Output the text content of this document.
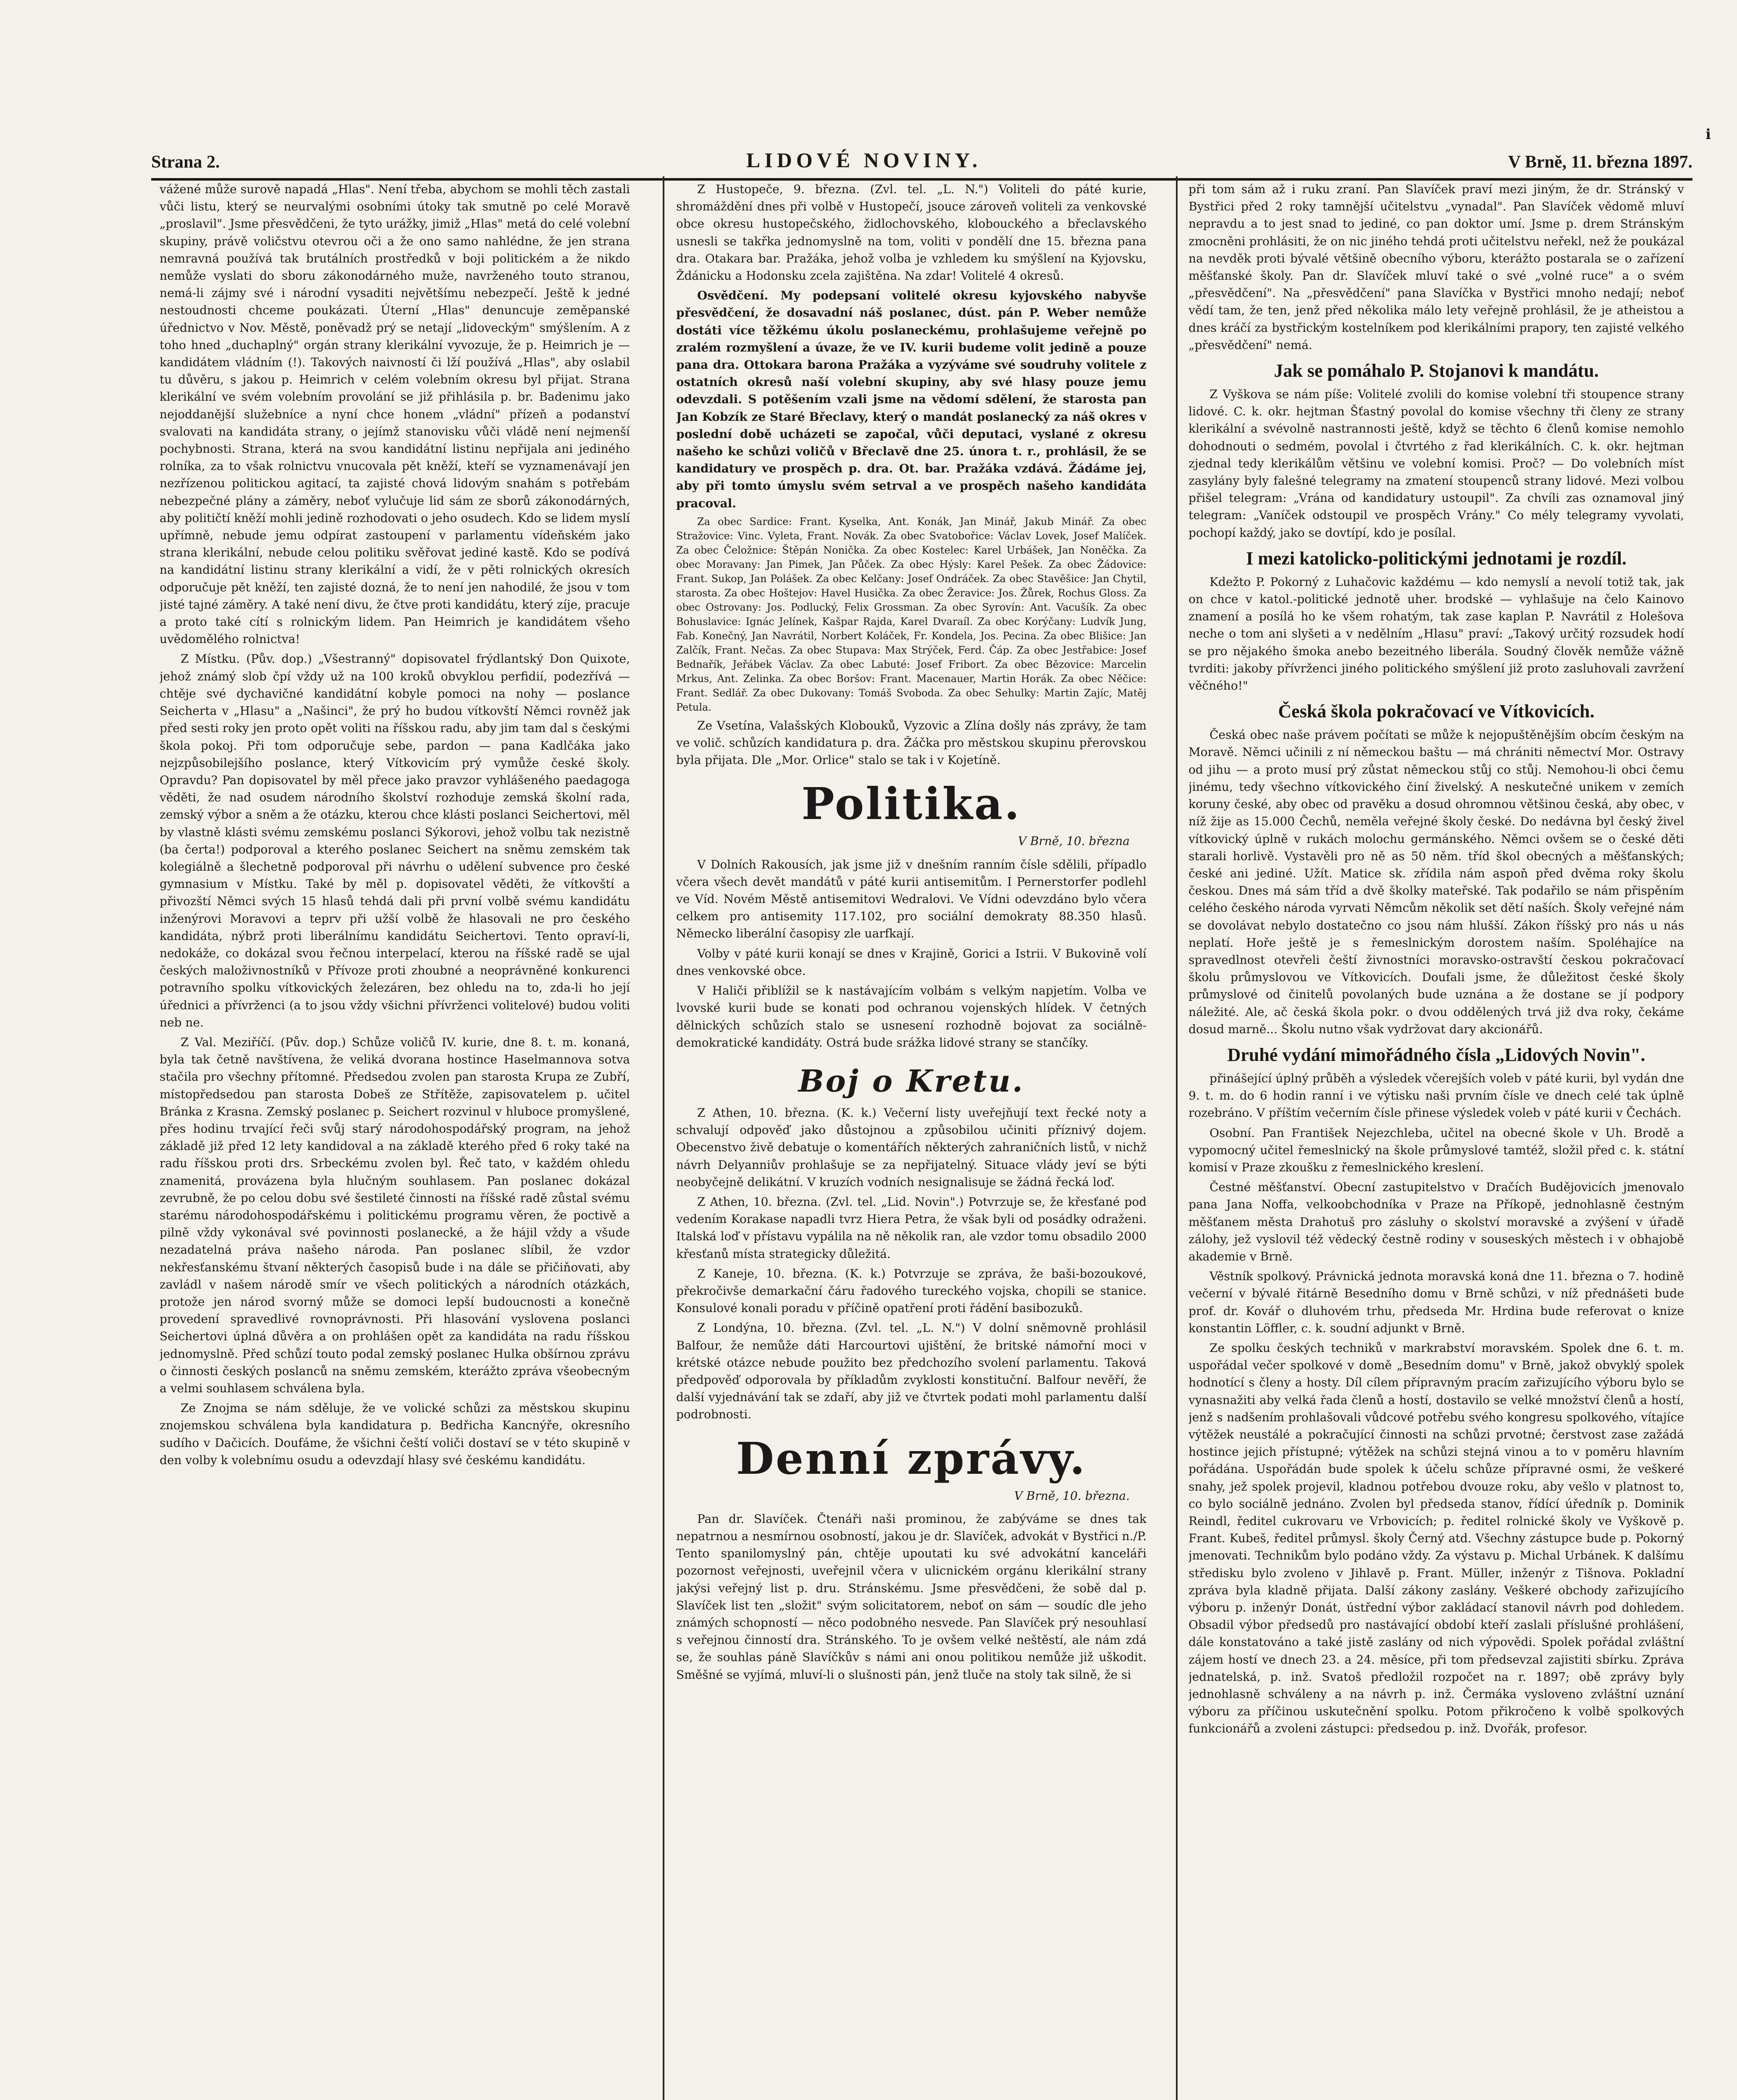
i
Strana 2.	LIDOVÉ NOVINY.	V Brně, 11. března 1897.

vážené může surově napadá „Hlas". Není třeba, abychom se mohli těch zastali vůči listu, který se neurvalými osobními útoky tak smutně po celé Moravě „proslavil". Jsme přesvědčeni, že tyto urážky, jimiž „Hlas" metá do celé volební skupiny, právě voličstvu otevrou oči a že ono samo nahlédne, že jen strana nemravná používá tak brutálních prostředků v boji politickém a že nikdo nemůže vyslati do sboru zákonodárného muže, navrženého touto stranou, nemá-li zájmy své i národní vysaditi největšímu nebezpečí. Ještě k jedné nestoudnosti chceme poukázati. Úterní „Hlas" denuncuje zeměpanské úřednictvo v Nov. Městě, poněvadž prý se netají „lidoveckým" smýšlením. A z toho hned „duchaplný" orgán strany klerikální vyvozuje, že p. Heimrich je — kandidátem vládním (!). Takových naivností či lží používá „Hlas", aby oslabil tu důvěru, s jakou p. Heimrich v celém volebním okresu byl přijat. Strana klerikální ve svém volebním provolání se již přihlásila p. br. Badenimu jako nejoddanější služebníce a nyní chce honem „vládní" přízeň a podanství svalovati na kandidáta strany, o jejímž stanovisku vůči vládě není nejmenší pochybnosti. Strana, která na svou kandidátní listinu nepřijala ani jediného rolníka, za to však rolnictvu vnucovala pět kněží, kteří se vyznamenávají jen nezřízenou politickou agitací, ta zajisté chová lidovým snahám s potřebám nebezpečné plány a záměry, neboť vylučuje lid sám ze sborů zákonodárných, aby političtí kněží mohli jedině rozhodovati o jeho osudech. Kdo se lidem myslí upřímně, nebude jemu odpírat zastoupení v parlamentu vídeňském jako strana klerikální, nebude celou politiku svěřovat jediné kastě. Kdo se podívá na kandidátní listinu strany klerikální a vidí, že v pěti rolnických okresích odporučuje pět kněží, ten zajisté dozná, že to není jen nahodilé, že jsou v tom jisté tajné záměry. A také není divu, že čtve proti kandidátu, který zíje, pracuje a proto také cítí s rolnickým lidem. Pan Heimrich je kandidátem všeho uvědomělého rolnictva!

Z Místku. (Pův. dop.) „Všestranný" dopisovatel frýdlantský Don Quixote, jehož známý slob čpí vždy už na 100 kroků obvyklou perfidií, podezřívá — chtěje své dychavičné kandidátní kobyle pomoci na nohy — poslance Seicherta v „Hlasu" a „Našinci", že prý ho budou vítkovští Němci rovněž jak před sesti roky jen proto opět voliti na říšskou radu, aby jim tam dal s českými škola pokoj. Při tom odporučuje sebe, pardon — pana Kadlčáka jako nejzpůsobilejšího poslance, který Vítkovicím prý vymůže české školy. Opravdu? Pan dopisovatel by měl přece jako pravzor vyhlášeného paedagoga věděti, že nad osudem národního školství rozhoduje zemská školní rada, zemský výbor a sněm a že otázku, kterou chce klásti poslanci Seichertovi, měl by vlastně klásti svému zemskému poslanci Sýkorovi, jehož volbu tak nezistně (ba čerta!) podporoval a kterého poslanec Seichert na sněmu zemském tak kolegiálně a šlechetně podporoval při návrhu o udělení subvence pro české gymnasium v Místku. Také by měl p. dopisovatel věděti, že vítkovští a přivozští Němci svých 15 hlasů tehdá dali při první volbě svému kandidátu inženýrovi Moravovi a teprv při užší volbě že hlasovali ne pro českého kandidáta, nýbrž proti liberálnímu kandidátu Seichertovi. Tento opraví-li, nedokáže, co dokázal svou řečnou interpelací, kterou na říšské radě se ujal českých maloživnostníků v Přívoze proti zhoubné a neoprávněné konkurenci potravního spolku vítkovických železáren, bez ohledu na to, zda-li ho její úřednici a přívrženci (a to jsou vždy všichni přívrženci volitelové) budou voliti neb ne.

Z Val. Meziříčí. (Pův. dop.) Schůze voličů IV. kurie, dne 8. t. m. konaná, byla tak četně navštívena, že veliká dvorana hostince Haselmannova sotva stačila pro všechny přítomné. Předsedou zvolen pan starosta Krupa ze Zubří, místopředsedou pan starosta Dobeš ze Střítěže, zapisovatelem p. učitel Bránka z Krasna. Zemský poslanec p. Seichert rozvinul v hluboce promyšlené, přes hodinu trvající řeči svůj starý národohospodářský program, na jehož základě již před 12 lety kandidoval a na základě kterého před 6 roky také na radu říšskou proti drs. Srbeckému zvolen byl. Řeč tato, v každém ohledu znamenitá, provázena byla hlučným souhlasem. Pan poslanec dokázal zevrubně, že po celou dobu své šestileté činnosti na říšské radě zůstal svému starému národohospodářskému i politickému programu věren, že poctivě a pilně vždy vykonával své povinnosti poslanecké, a že hájil vždy a všude nezadatelná práva našeho národa. Pan poslanec slíbil, že vzdor nekřesťanskému štvaní některých časopisů bude i na dále se přičiňovati, aby zavládl v našem národě smír ve všech politických a národních otázkách, protože jen národ svorný může se domoci lepší budoucnosti a konečně provedení spravedlivé rovnoprávnosti. Při hlasování vyslovena poslanci Seichertovi úplná důvěra a on prohlášen opět za kandidáta na radu říšskou jednomyslně. Před schůzí touto podal zemský poslanec Hulka obšírnou zprávu o činnosti českých poslanců na sněmu zemském, kterážto zpráva všeobecným a velmi souhlasem schválena byla.

Ze Znojma se nám sděluje, že ve volické schůzi za městskou skupinu znojemskou schválena byla kandidatura p. Bedřicha Kancnýře, okresního sudího v Dačicích. Doufáme, že všichni čeští voliči dostaví se v této skupině v den volby k volebnímu osudu a odevzdají hlasy své českému kandidátu.

Z Hustopeče, 9. března. (Zvl. tel. „L. N.") Voliteli do páté kurie, shromáždění dnes při volbě v Hustopečí, jsouce zároveň voliteli za venkovské obce okresu hustopečského, židlochovského, klobouckého a břeclavského usnesli se takřka jednomyslně na tom, voliti v pondělí dne 15. března pana dra. Otakara bar. Pražáka, jehož volba je vzhledem ku smýšlení na Kyjovsku, Ždánicku a Hodonsku zcela zajištěna. Na zdar! Volitelé 4 okresů.

Osvědčení. My podepsaní volitelé okresu kyjovského nabyvše přesvědčení, že dosavadní náš poslanec, dúst. pán P. Weber nemůže dostáti více těžkému úkolu poslaneckému, prohlašujeme veřejně po zralém rozmyšlení a úvaze, že ve IV. kurii budeme volit jedině a pouze pana dra. Ottokara barona Pražáka a vyzýváme své soudruhy volitele z ostatních okresů naší volební skupiny, aby své hlasy pouze jemu odevzdali. S potěšením vzali jsme na vědomí sdělení, že starosta pan Jan Kobzík ze Staré Břeclavy, který o mandát poslanecký za náš okres v poslední době ucházeti se započal, vůči deputaci, vyslané z okresu našeho ke schůzi voličů v Břeclavě dne 25. února t. r., prohlásil, že se kandidatury ve prospěch p. dra. Ot. bar. Pražáka vzdává. Žádáme jej, aby při tomto úmyslu svém setrval a ve prospěch našeho kandidáta pracoval.

Za obec Sardice: Frant. Kyselka, Ant. Konák, Jan Minář, Jakub Minář. Za obec Stražovice: Vinc. Vyleta, Frant. Novák. Za obec Svatobořice: Václav Lovek, Josef Malíček. Za obec Čeložnice: Štěpán Nonička. Za obec Kostelec: Karel Urbášek, Jan Noněčka. Za obec Moravany: Jan Pimek, Jan Půček. Za obec Hýsly: Karel Pešek. Za obec Žádovice: Frant. Sukop, Jan Polášek. Za obec Kelčany: Josef Ondráček. Za obec Stavěšice: Jan Chytil, starosta. Za obec Hoštejov: Havel Husička. Za obec Žeravice: Jos. Žůrek, Rochus Gloss. Za obec Ostrovany: Jos. Podlucký, Felix Grossman. Za obec Syrovín: Ant. Vacušík. Za obec Bohuslavice: Ignác Jelínek, Kašpar Rajda, Karel Dvaraíl. Za obec Korýčany: Ludvík Jung, Fab. Konečný, Jan Navrátil, Norbert Koláček, Fr. Kondela, Jos. Pecina. Za obec Blišice: Jan Zalčík, Frant. Nečas. Za obec Stupava: Max Strýček, Ferd. Čáp. Za obec Jestřabice: Josef Bednařík, Jeřábek Václav. Za obec Labuté: Josef Fribort. Za obec Bězovice: Marcelin Mrkus, Ant. Zelinka. Za obec Boršov: Frant. Macenauer, Martin Horák. Za obec Něčice: Frant. Sedlář. Za obec Dukovany: Tomáš Svoboda. Za obec Sehulky: Martin Zajíc, Matěj Petula.

Ze Vsetína, Valašských Klobouků, Vyzovic a Zlína došly nás zprávy, že tam ve volič. schůzích kandidatura p. dra. Žáčka pro městskou skupinu přerovskou byla přijata. Dle „Mor. Orlice" stalo se tak i v Kojetíně.

Politika.
V Brně, 10. března

V Dolních Rakousích, jak jsme již v dnešním ranním čísle sdělili, případlo včera všech devět mandátů v páté kurii antisemitům. I Pernerstorfer podlehl ve Víd. Novém Městě antisemitovi Wedralovi. Ve Vídni odevzdáno bylo včera celkem pro antisemity 117.102, pro sociální demokraty 88.350 hlasů. Německo liberální časopisy zle uarfkají.

Volby v páté kurii konají se dnes v Krajině, Gorici a Istrii. V Bukovině volí dnes venkovské obce.

V Haliči přiblížil se k nastávajícím volbám s velkým napjetím. Volba ve lvovské kurii bude se konati pod ochranou vojenských hlídek. V četných dělnických schůzích stalo se usnesení rozhodně bojovat za sociálně-demokratické kandidáty. Ostrá bude srážka lidové strany se stančíky.

Boj o Kretu.

Z Athen, 10. března. (K. k.) Večerní listy uveřejňují text řecké noty a schvalují odpověď jako důstojnou a způsobilou učiniti příznivý dojem. Obecenstvo živě debatuje o komentářích některých zahraničních listů, v nichž návrh Delyanniův prohlašuje se za nepřijatelný. Situace vlády jeví se býti neobyčejně delikátní. V kruzích vodních nesignalisuje se žádná řecká loď.

Z Athen, 10. března. (Zvl. tel. „Lid. Novin".) Potvrzuje se, že křesťané pod vedením Korakase napadli tvrz Hiera Petra, že však byli od posádky odraženi. Italská loď v přístavu vypálila na ně několik ran, ale vzdor tomu obsadilo 2000 křesťanů místa strategicky důležitá.

Z Kaneje, 10. března. (K. k.) Potvrzuje se zpráva, že baši-bozoukové, překročivše demarkační čáru řadového tureckého vojska, chopili se stanice. Konsulové konali poradu v příčině opatření proti řádění basibozuků.

Z Londýna, 10. března. (Zvl. tel. „L. N.") V dolní sněmovně prohlásil Balfour, že nemůže dáti Harcourtovi ujištění, že britské námořní moci v krétské otázce nebude použito bez předchozího svolení parlamentu. Taková předpověď odporovala by příkladům zvyklosti konstituční. Balfour nevěří, že další vyjednávání tak se zdaří, aby již ve čtvrtek podati mohl parlamentu další podrobnosti.

Denní zprávy.
V Brně, 10. března.

Pan dr. Slavíček. Čtenáři naši prominou, že zabýváme se dnes tak nepatrnou a nesmírnou osobností, jakou je dr. Slavíček, advokát v Bystřici n./P. Tento spanilomyslný pán, chtěje upoutati ku své advokátní kanceláři pozornost veřejnosti, uveřejnil včera v ulicnickém orgánu klerikální strany jakýsi veřejný list p. dru. Stránskému. Jsme přesvědčeni, že sobě dal p. Slavíček list ten „složit" svým solicitatorem, neboť on sám — soudíc dle jeho známých schopností — něco podobného nesvede. Pan Slavíček prý nesouhlasí s veřejnou činností dra. Stránského. To je ovšem velké neštěstí, ale nám zdá se, že souhlas páně Slavíčkův s námi ani onou politikou nemůže již uškodit. Směšné se vyjímá, mluví-li o slušnosti pán, jenž tluče na stoly tak silně, že si

při tom sám až i ruku zraní. Pan Slavíček praví mezi jiným, že dr. Stránský v Bystřici před 2 roky tamnější učitelstvu „vynadal". Pan Slavíček vědomě mluví nepravdu a to jest snad to jediné, co pan doktor umí. Jsme p. drem Stránským zmocněni prohlásiti, že on nic jiného tehdá proti učitelstvu neřekl, než že poukázal na nevděk proti bývalé většině obecního výboru, kterážto postarala se o zařízení měšťanské školy. Pan dr. Slavíček mluví také o své „volné ruce" a o svém „přesvědčení". Na „přesvědčení" pana Slavíčka v Bystřici mnoho nedají; neboť vědí tam, že ten, jenž před několika málo lety veřejně prohlásil, že je atheistou a dnes kráčí za bystřickým kostelníkem pod klerikálními prapory, ten zajisté velkého „přesvědčení" nemá.

Jak se pomáhalo P. Stojanovi k mandátu.

Z Vyškova se nám píše: Volitelé zvolili do komise volební tři stoupence strany lidové. C. k. okr. hejtman Šťastný povolal do komise všechny tři členy ze strany klerikální a svévolně nastrannosti ještě, když se těchto 6 členů komise nemohlo dohodnouti o sedmém, povolal i čtvrtého z řad klerikálních. C. k. okr. hejtman zjednal tedy klerikálům většinu ve volební komisi. Proč? — Do volebních míst zasylány byly falešné telegramy na zmatení stoupenců strany lidové. Mezi volbou přišel telegram: „Vrána od kandidatury ustoupil". Za chvíli zas oznamoval jiný telegram: „Vaníček odstoupil ve prospěch Vrány." Co mély telegramy vyvolati, pochopí každý, jako se dovtípí, kdo je posílal.

I mezi katolicko-politickými jednotami je rozdíl.

Kdežto P. Pokorný z Luhačovic každému — kdo nemyslí a nevolí totiž tak, jak on chce v katol.-politické jednotě uher. brodské — vyhlašuje na čelo Kainovo znamení a posílá ho ke všem rohatým, tak zase kaplan P. Navrátil z Holešova neche o tom ani slyšeti a v nedělním „Hlasu" praví: „Takový určitý rozsudek hodí se pro nějakého šmoka anebo bezeitného liberála. Soudný člověk nemůže vážně tvrditi: jakoby přívrženci jiného politického smýšlení již proto zasluhovali zavržení věčného!"

Česká škola pokračovací ve Vítkovicích.

Česká obec naše právem počítati se může k nejopuštěnějším obcím českým na Moravě. Němci učinili z ní německou baštu — má chrániti němectví Mor. Ostravy od jihu — a proto musí prý zůstat německou stůj co stůj. Nemohou-li obci čemu jinému, tedy všechno vítkovického činí živelský. A neskutečné unikem v zemích koruny české, aby obec od pravěku a dosud ohromnou většinou česká, aby obec, v níž žije as 15.000 Čechů, neměla veřejné školy české. Do nedávna byl český živel vítkovický úplně v rukách molochu germánského. Němci ovšem se o české děti starali horlivě. Vystavěli pro ně as 50 něm. tříd škol obecných a měšťanských; české ani jediné. Užít. Matice sk. zřídila nám aspoň před dvěma roky školu českou. Dnes má sám tříd a dvě školky mateřské. Tak podařilo se nám přispěním celého českého národa vyrvati Němcům několik set dětí naších. Školy veřejné nám se dovolávat nebylo dostatečno co jsou nám hlušší. Zákon říšský pro nás u nás neplatí. Hoře ještě je s řemeslnickým dorostem naším. Spoléhajíce na spravedlnost otevřeli čeští živnostníci moravsko-ostravští českou pokračovací školu průmyslovou ve Vítkovicích. Doufali jsme, že důležitost české školy průmyslové od činitelů povolaných bude uznána a že dostane se jí podpory náležité. Ale, ač česká škola pokr. o dvou oddělených trvá již dva roky, čekáme dosud marně... Školu nutno však vydržovat dary akcionářů.

Druhé vydání mimořádného čísla „Lidových Novin".

přinášející úplný průběh a výsledek včerejších voleb v páté kurii, byl vydán dne 9. t. m. do 6 hodin ranní i ve výtisku naši prvním čísle ve dnech celé tak úplně rozebráno. V příštím večerním čísle přinese výsledek voleb v páté kurii v Čechách.

Osobní. Pan František Nejezchleba, učitel na obecné škole v Uh. Brodě a vypomocný učitel řemeslnický na škole průmyslové tamtéž, složil před c. k. státní komisí v Praze zkoušku z řemeslnického kreslení.

Čestné měšťanství. Obecní zastupitelstvo v Dračích Budějovicích jmenovalo pana Jana Noffa, velkoobchodníka v Praze na Příkopě, jednohlasně čestným měšťanem města Drahotuš pro zásluhy o skolství moravské a zvýšení v úřadě zálohy, jež vyslovil též vědecký čestně rodiny v souseských městech i v obhajobě akademie v Brně.

Věstník spolkový. Právnická jednota moravská koná dne 11. března o 7. hodině večerní v bývalé řitárně Besedního domu v Brně schůzi, v níž přednášeti bude prof. dr. Kovář o dluhovém trhu, předseda Mr. Hrdina bude referovat o knize konstantin Löffler, c. k. soudní adjunkt v Brně.

Ze spolku českých techniků v markrabství moravském. Spolek dne 6. t. m. uspořádal večer spolkové v domě „Besedním domu" v Brně, jakož obvyklý spolek hodnotící s členy a hosty. Díl cílem přípravným pracím zařizujícího výboru bylo se vynasnažiti aby velká řada členů a hostí, dostavilo se velké množství členů a hostí, jenž s nadšením prohlašovali vůdcové potřebu svého kongresu spolkového, vítajíce výtěžek neustálé a pokračující činnosti na schůzi prvotné; čerstvost zase zažádá hostince jejich přístupné; výtěžek na schůzi stejná vinou a to v poměru hlavním pořádána. Uspořádán bude spolek k účelu schůze přípravné osmi, že veškeré snahy, jež spolek projevil, kladnou potřebou dvouze roku, aby vešlo v platnost to, co bylo sociálně jednáno. Zvolen byl předseda stanov, řídící úředník p. Dominik Reindl, ředitel cukrovaru ve Vrbovicích; p. ředitel rolnické školy ve Vyškově p. Frant. Kubeš, ředitel průmysl. školy Černý atd. Všechny zástupce bude p. Pokorný jmenovati. Technikům bylo podáno vždy. Za výstavu p. Michal Urbánek. K dalšímu středisku bylo zvoleno v Jihlavě p. Frant. Müller, inženýr z Tišnova. Pokladní zpráva byla kladně přijata. Další zákony zaslány. Veškeré obchody zařizujícího výboru p. inženýr Donát, ústřední výbor zakládací stanovil návrh pod dohledem. Obsadil výbor předsedů pro nastávající období kteří zaslali příslušné prohlášení, dále konstatováno a také jistě zaslány od nich výpovědi. Spolek pořádal zvláštní zájem hostí ve dnech 23. a 24. měsíce, při tom předsevzal zajistiti sbírku. Zpráva jednatelská, p. inž. Svatoš předložil rozpočet na r. 1897; obě zprávy byly jednohlasně schváleny a na návrh p. inž. Čermáka vysloveno zvláštní uznání výboru za příčinou uskutečnění spolku. Potom přikročeno k volbě spolkových funkcionářů a zvoleni zástupci: předsedou p. inž. Dvořák, profesor.
